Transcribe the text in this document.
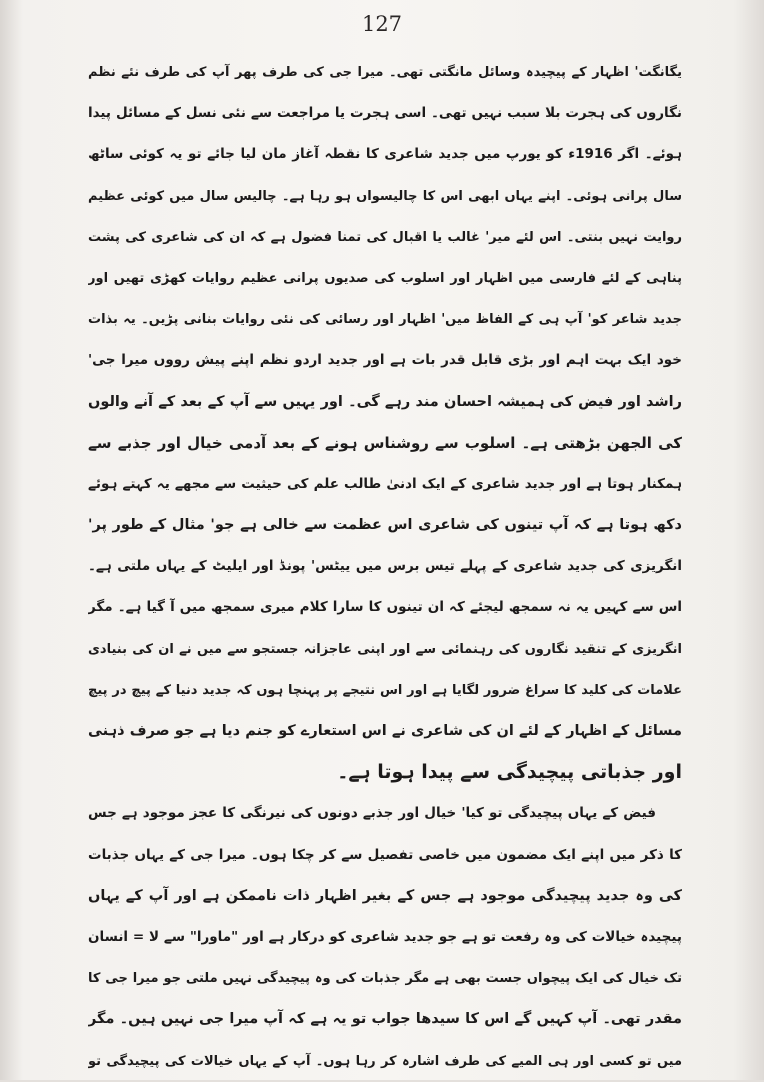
127
یگانگت' اظہار کے پیچیدہ وسائل مانگتی تھی۔ میرا جی کی طرف پھر آپ کی طرف نئے نظم
نگاروں کی ہجرت بلا سبب نہیں تھی۔ اسی ہجرت یا مراجعت سے نئی نسل کے مسائل پیدا
ہوئے۔ اگر 1916ء کو یورپ میں جدید شاعری کا نقطہ آغاز مان لیا جائے تو یہ کوئی ساٹھ
سال پرانی ہوئی۔ اپنے یہاں ابھی اس کا چالیسواں ہو رہا ہے۔ چالیس سال میں کوئی عظیم
روایت نہیں بنتی۔ اس لئے میر' غالب یا اقبال کی تمنا فضول ہے کہ ان کی شاعری کی پشت
پناہی کے لئے فارسی میں اظہار اور اسلوب کی صدیوں پرانی عظیم روایات کھڑی تھیں اور
جدید شاعر کو' آپ ہی کے الفاظ میں' اظہار اور رسائی کی نئی روایات بنانی پڑیں۔ یہ بذات
خود ایک بہت اہم اور بڑی قابل قدر بات ہے اور جدید اردو نظم اپنے پیش رووں میرا جی'
راشد اور فیض کی ہمیشہ احسان مند رہے گی۔ اور یہیں سے آپ کے بعد کے آنے والوں
کی الجھن بڑھتی ہے۔ اسلوب سے روشناس ہونے کے بعد آدمی خیال اور جذبے سے
ہمکنار ہوتا ہے اور جدید شاعری کے ایک ادنیٰ طالب علم کی حیثیت سے مجھے یہ کہتے ہوئے
دکھ ہوتا ہے کہ آپ تینوں کی شاعری اس عظمت سے خالی ہے جو' مثال کے طور پر'
انگریزی کی جدید شاعری کے پہلے تیس برس میں ییٹس' پونڈ اور ایلیٹ کے یہاں ملتی ہے۔
اس سے کہیں یہ نہ سمجھ لیجئے کہ ان تینوں کا سارا کلام میری سمجھ میں آ گیا ہے۔ مگر
انگریزی کے تنقید نگاروں کی رہنمائی سے اور اپنی عاجزانہ جستجو سے میں نے ان کی بنیادی
علامات کی کلید کا سراغ ضرور لگایا ہے اور اس نتیجے پر پہنچا ہوں کہ جدید دنیا کے پیچ در پیچ
مسائل کے اظہار کے لئے ان کی شاعری نے اس استعارے کو جنم دیا ہے جو صرف ذہنی
اور جذباتی پیچیدگی سے پیدا ہوتا ہے۔
فیض کے یہاں پیچیدگی تو کیا' خیال اور جذبے دونوں کی نیرنگی کا عجز موجود ہے جس
کا ذکر میں اپنے ایک مضمون میں خاصی تفصیل سے کر چکا ہوں۔ میرا جی کے یہاں جذبات
کی وہ جدید پیچیدگی موجود ہے جس کے بغیر اظہار ذات ناممکن ہے اور آپ کے یہاں
پیچیدہ خیالات کی وہ رفعت تو ہے جو جدید شاعری کو درکار ہے اور "ماورا" سے لا = انسان
تک خیال کی ایک پیچواں جست بھی ہے مگر جذبات کی وہ پیچیدگی نہیں ملتی جو میرا جی کا
مقدر تھی۔ آپ کہیں گے اس کا سیدھا جواب تو یہ ہے کہ آپ میرا جی نہیں ہیں۔ مگر
میں تو کسی اور ہی المیے کی طرف اشارہ کر رہا ہوں۔ آپ کے یہاں خیالات کی پیچیدگی تو
